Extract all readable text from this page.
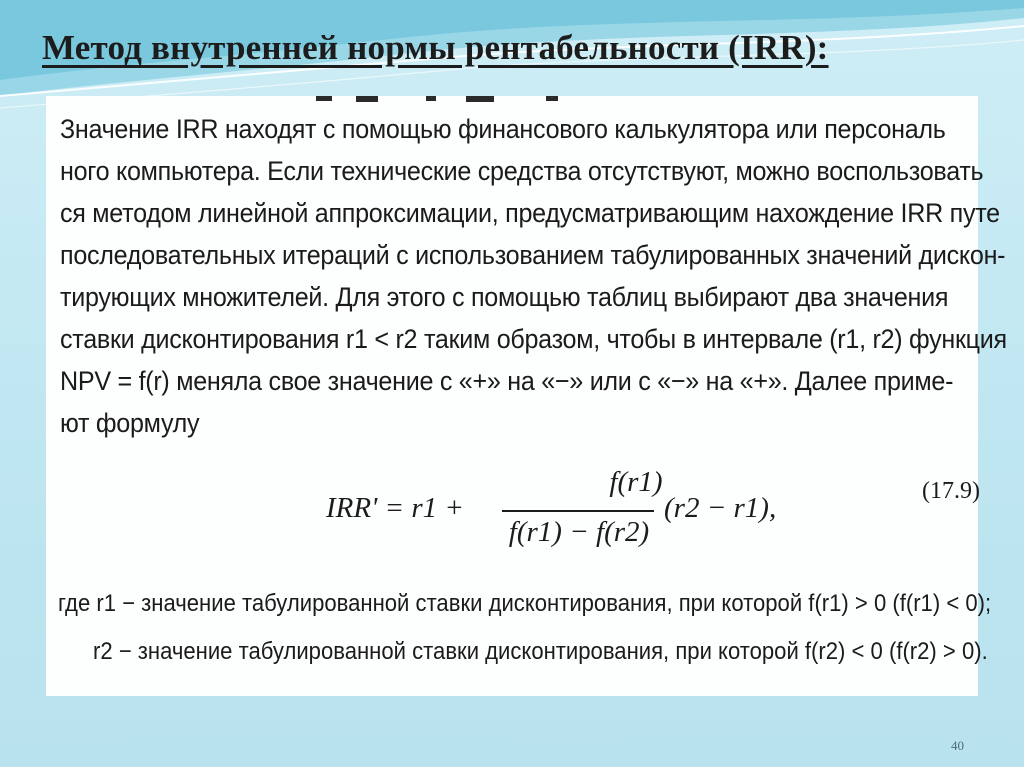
Метод внутренней нормы рентабельности (IRR):
Значение IRR находят с помощью финансового калькулятора или персональ
ного компьютера. Если технические средства отсутствуют, можно воспользовать
ся методом линейной аппроксимации, предусматривающим нахождение IRR путе
последовательных итераций с использованием табулированных значений дискон-
тирующих множителей. Для этого с помощью таблиц выбирают два значения
ставки дисконтирования r1 < r2 таким образом, чтобы в интервале (r1, r2) функция
NPV = f(r) меняла свое значение с «+» на «−» или с «−» на «+». Далее приме-
ют формулу
IRR' = r1 +
f(r1)
f(r1) − f(r2)
(r2 − r1),
(17.9)
где r1 − значение табулированной ставки дисконтирования, при которой f(r1) > 0 (f(r1) < 0);
r2 − значение табулированной ставки дисконтирования, при которой f(r2) < 0 (f(r2) > 0).
40
